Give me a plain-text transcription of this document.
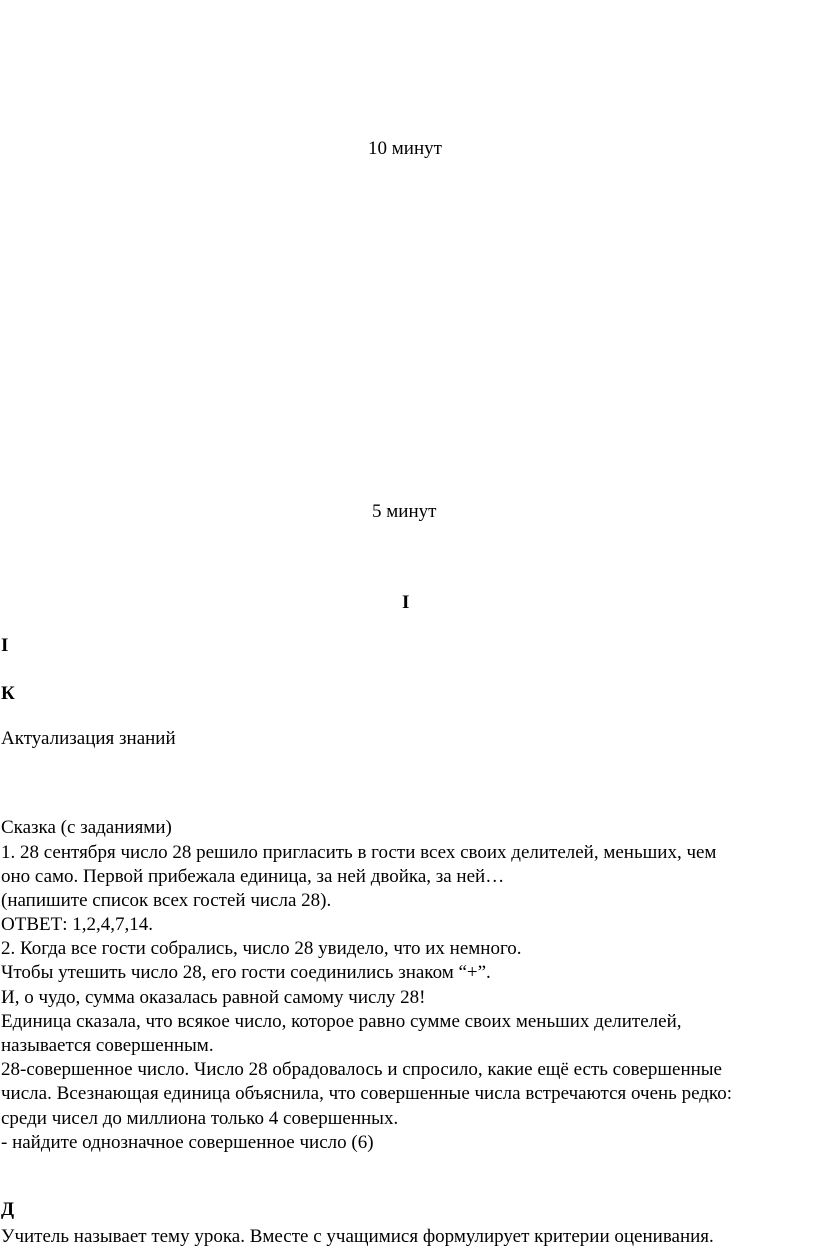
10 минут
5 минут
I
I
К
Актуализация знаний
Сказка (с заданиями)
1. 28 сентября число 28 решило пригласить в гости всех своих делителей, меньших, чем
оно само. Первой прибежала единица, за ней двойка, за ней…
(напишите список всех гостей числа 28).
ОТВЕТ: 1,2,4,7,14.
2. Когда все гости собрались, число 28 увидело, что их немного.
Чтобы утешить число 28, его гости соединились знаком “+”.
И, о чудо, сумма оказалась равной самому числу 28!
Единица сказала, что всякое число, которое равно сумме своих меньших делителей,
называется совершенным.
28-совершенное число. Число 28 обрадовалось и спросило, какие ещё есть совершенные
числа. Всезнающая единица объяснила, что совершенные числа встречаются очень редко:
среди чисел до миллиона только 4 совершенных.
- найдите однозначное совершенное число (6)
Д
Учитель называет тему урока. Вместе с учащимися формулирует критерии оценивания.
